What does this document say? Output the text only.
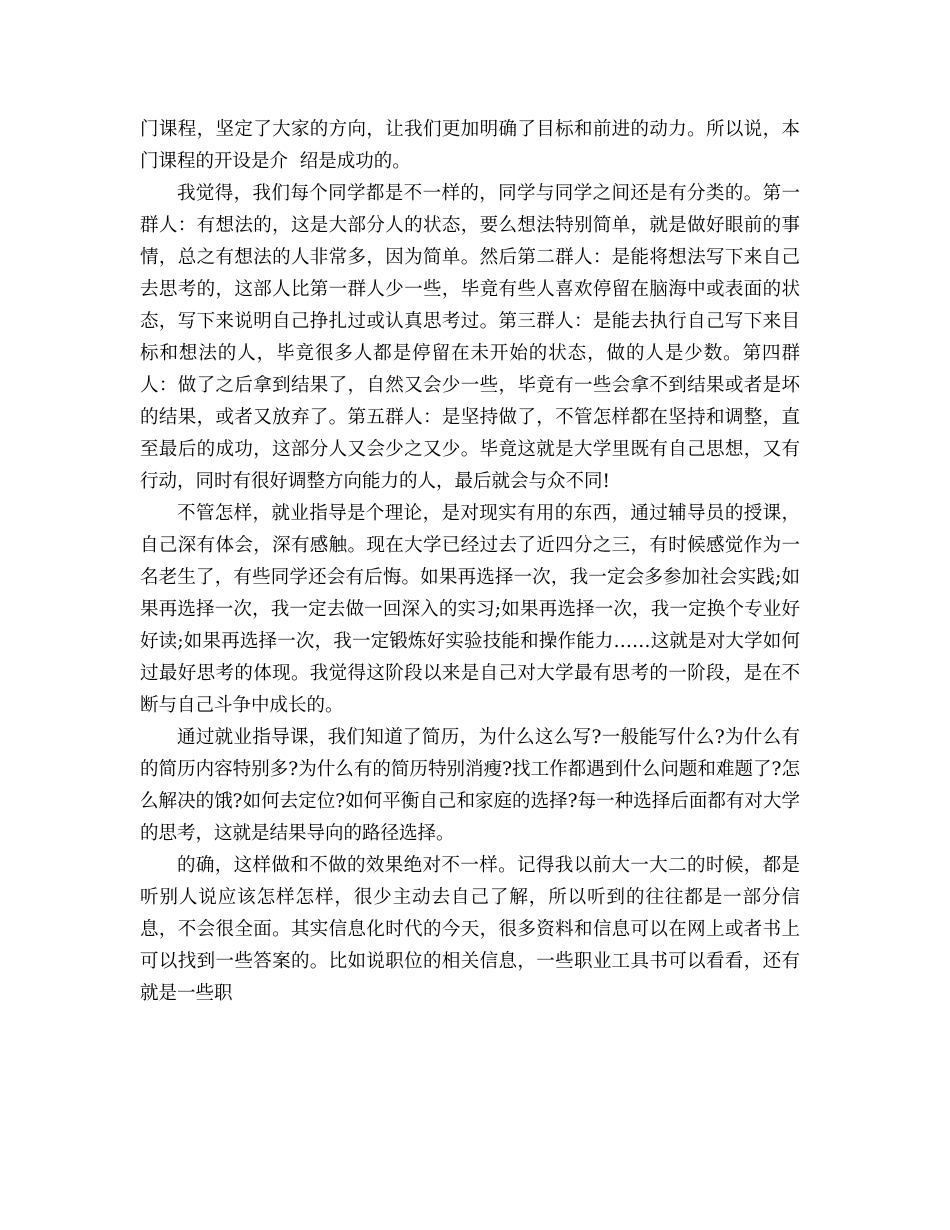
门课程，坚定了大家的方向，让我们更加明确了目标和前进的动力。所以说，本门课程的开设是介  绍是成功的。

我觉得，我们每个同学都是不一样的，同学与同学之间还是有分类的。第一群人：有想法的，这是大部分人的状态，要么想法特别简单，就是做好眼前的事情，总之有想法的人非常多，因为简单。然后第二群人：是能将想法写下来自己去思考的，这部人比第一群人少一些，毕竟有些人喜欢停留在脑海中或表面的状态，写下来说明自己挣扎过或认真思考过。第三群人：是能去执行自己写下来目标和想法的人，毕竟很多人都是停留在未开始的状态，做的人是少数。第四群人：做了之后拿到结果了，自然又会少一些，毕竟有一些会拿不到结果或者是坏的结果，或者又放弃了。第五群人：是坚持做了，不管怎样都在坚持和调整，直至最后的成功，这部分人又会少之又少。毕竟这就是大学里既有自己思想，又有行动，同时有很好调整方向能力的人，最后就会与众不同!

不管怎样，就业指导是个理论，是对现实有用的东西，通过辅导员的授课，自己深有体会，深有感触。现在大学已经过去了近四分之三，有时候感觉作为一名老生了，有些同学还会有后悔。如果再选择一次，我一定会多参加社会实践;如果再选择一次，我一定去做一回深入的实习;如果再选择一次，我一定换个专业好好读;如果再选择一次，我一定锻炼好实验技能和操作能力……这就是对大学如何过最好思考的体现。我觉得这阶段以来是自己对大学最有思考的一阶段，是在不断与自己斗争中成长的。

通过就业指导课，我们知道了简历，为什么这么写?一般能写什么?为什么有的简历内容特别多?为什么有的简历特别消瘦?找工作都遇到什么问题和难题了?怎么解决的饿?如何去定位?如何平衡自己和家庭的选择?每一种选择后面都有对大学的思考，这就是结果导向的路径选择。

的确，这样做和不做的效果绝对不一样。记得我以前大一大二的时候，都是听别人说应该怎样怎样，很少主动去自己了解，所以听到的往往都是一部分信息，不会很全面。其实信息化时代的今天，很多资料和信息可以在网上或者书上可以找到一些答案的。比如说职位的相关信息，一些职业工具书可以看看，还有就是一些职
